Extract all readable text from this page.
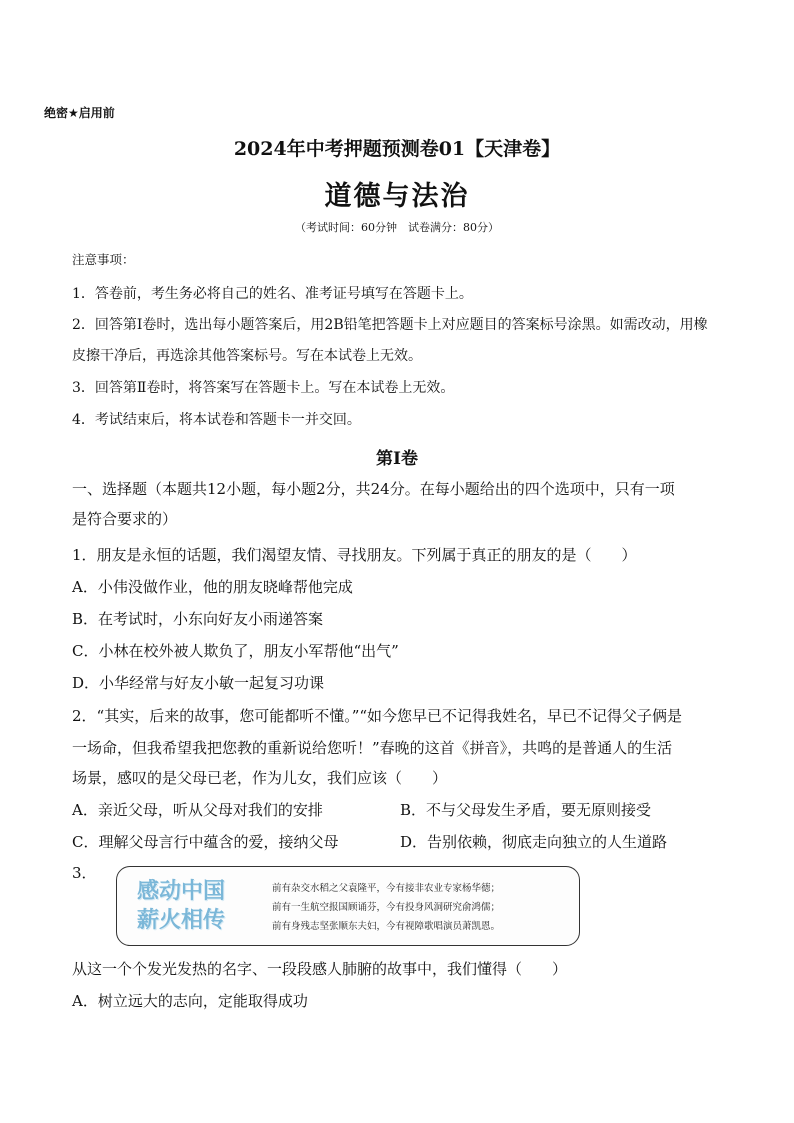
绝密★启用前
2024年中考押题预测卷01【天津卷】
道德与法治
（考试时间：60分钟　试卷满分：80分）
注意事项：
1．答卷前，考生务必将自己的姓名、准考证号填写在答题卡上。
2．回答第Ⅰ卷时，选出每小题答案后，用2B铅笔把答题卡上对应题目的答案标号涂黑。如需改动，用橡
皮擦干净后，再选涂其他答案标号。写在本试卷上无效。
3．回答第Ⅱ卷时，将答案写在答题卡上。写在本试卷上无效。
4．考试结束后，将本试卷和答题卡一并交回。
第Ⅰ卷
一、选择题（本题共12小题，每小题2分，共24分。在每小题给出的四个选项中，只有一项
是符合要求的）
1．朋友是永恒的话题，我们渴望友情、寻找朋友。下列属于真正的朋友的是（　　）
A．小伟没做作业，他的朋友晓峰帮他完成
B．在考试时，小东向好友小雨递答案
C．小林在校外被人欺负了，朋友小军帮他“出气”
D．小华经常与好友小敏一起复习功课
2．“其实，后来的故事，您可能都听不懂。”“如今您早已不记得我姓名，早已不记得父子俩是
一场命，但我希望我把您教的重新说给您听！”春晚的这首《拼音》，共鸣的是普通人的生活
场景，感叹的是父母已老，作为儿女，我们应该（　　）
A．亲近父母，听从父母对我们的安排	B．不与父母发生矛盾，要无原则接受
C．理解父母言行中蕴含的爱，接纳父母	D．告别依赖，彻底走向独立的人生道路
3．
感动中国
薪火相传
前有杂交水稻之父袁隆平，今有接非农业专家杨华德；
前有一生航空报国顾诵芬，今有投身风洞研究俞鸿儒；
前有身残志坚张顺东夫妇，今有视障歌唱演员萧凯恩。
从这一个个发光发热的名字、一段段感人肺腑的故事中，我们懂得（　　）
A．树立远大的志向，定能取得成功
